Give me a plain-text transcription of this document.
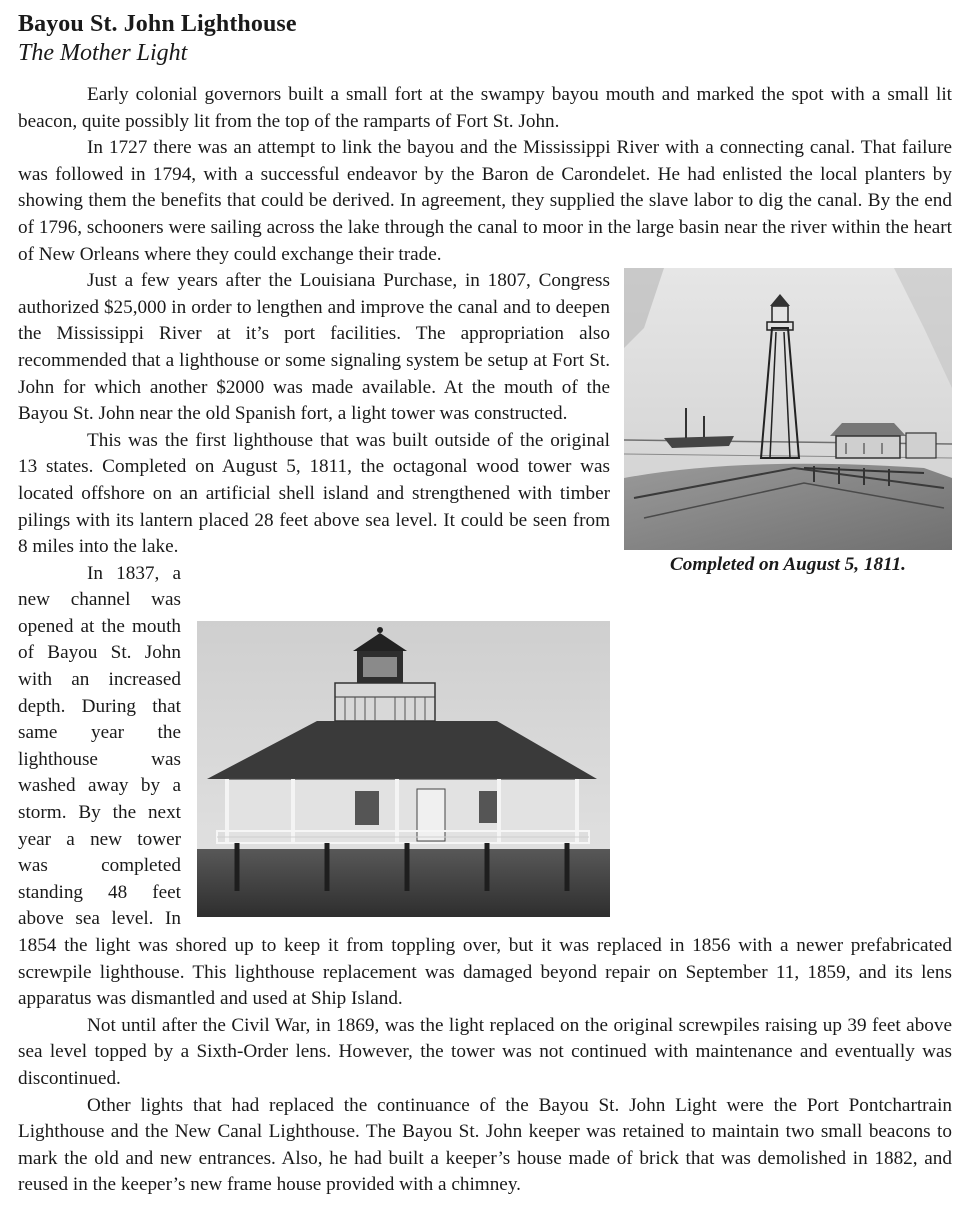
Bayou St. John Lighthouse
The Mother Light

Early colonial governors built a small fort at the swampy bayou mouth and marked the spot with a small lit beacon, quite possibly lit from the top of the ramparts of Fort St. John.

In 1727 there was an attempt to link the bayou and the Mississippi River with a connecting canal. That failure was followed in 1794, with a successful endeavor by the Baron de Carondelet. He had enlisted the local planters by showing them the benefits that could be derived. In agreement, they supplied the slave labor to dig the canal. By the end of 1796, schooners were sailing across the lake through the canal to moor in the large basin near the river within the heart of New Orleans where they could exchange their trade.

Completed on August 5, 1811.

Just a few years after the Louisiana Purchase, in 1807, Congress authorized $25,000 in order to lengthen and improve the canal and to deepen the Mississippi River at it’s port facilities. The appropriation also recommended that a lighthouse or some signaling system be setup at Fort St. John for which another $2000 was made available. At the mouth of the Bayou St. John near the old Spanish fort, a light tower was constructed.

This was the first lighthouse that was built outside of the original 13 states. Completed on August 5, 1811, the octagonal wood tower was located offshore on an artificial shell island and strengthened with timber pilings with its lantern placed 28 feet above sea level. It could be seen from 8 miles into the lake.

In 1837, a new channel was opened at the mouth of Bayou St. John with an increased depth. During that same year the lighthouse was washed away by a storm. By the next year a new tower was completed standing 48 feet above sea level. In 1854 the light was shored up to keep it from toppling over, but it was replaced in 1856 with a newer prefabricated screwpile lighthouse. This lighthouse replacement was damaged beyond repair on September 11, 1859, and its lens apparatus was dismantled and used at Ship Island.

Not until after the Civil War, in 1869, was the light replaced on the original screwpiles raising up 39 feet above sea level topped by a Sixth-Order lens. However, the tower was not continued with maintenance and eventually was discontinued.

Other lights that had replaced the continuance of the Bayou St. John Light were the Port Pontchartrain Lighthouse and the New Canal Lighthouse. The Bayou St. John keeper was retained to maintain two small beacons to mark the old and new entrances. Also, he had built a keeper’s house made of brick that was demolished in 1882, and reused in the keeper’s new frame house provided with a chimney.
